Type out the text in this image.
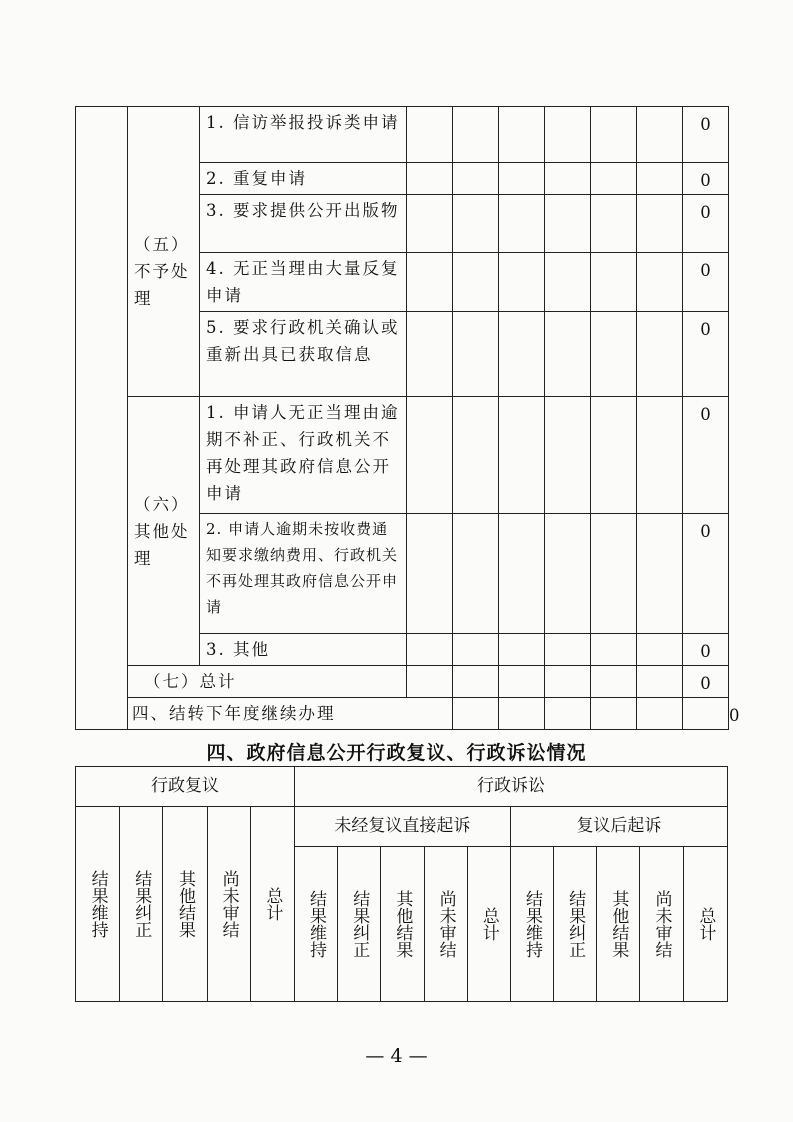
	（五）
不予处理	1. 信访举报投诉类申请							0	
		2. 重复申请							0	
		3. 要求提供公开出版物							0	
		4. 无正当理由大量反复申请							0	
		5. 要求行政机关确认或重新出具已获取信息							0	

	（六）
其他处理	1. 申请人无正当理由逾期不补正、行政机关不再处理其政府信息公开申请							0	
		2. 申请人逾期未按收费通知要求缴纳费用、行政机关不再处理其政府信息公开申请							0	
		3. 其他							0	
	（七）总计								0	
	四、结转下年度继续办理									0
四、政府信息公开行政复议、行政诉讼情况
行政复议					行政诉讼									
结果维持	结果纠正	其他结果	尚未审结	总计	未经复议直接起诉					复议后起诉				
					结果维持	结果纠正	其他结果	尚未审结	总计	结果维持	结果纠正	其他结果	尚未审结	总计
— 4 —
